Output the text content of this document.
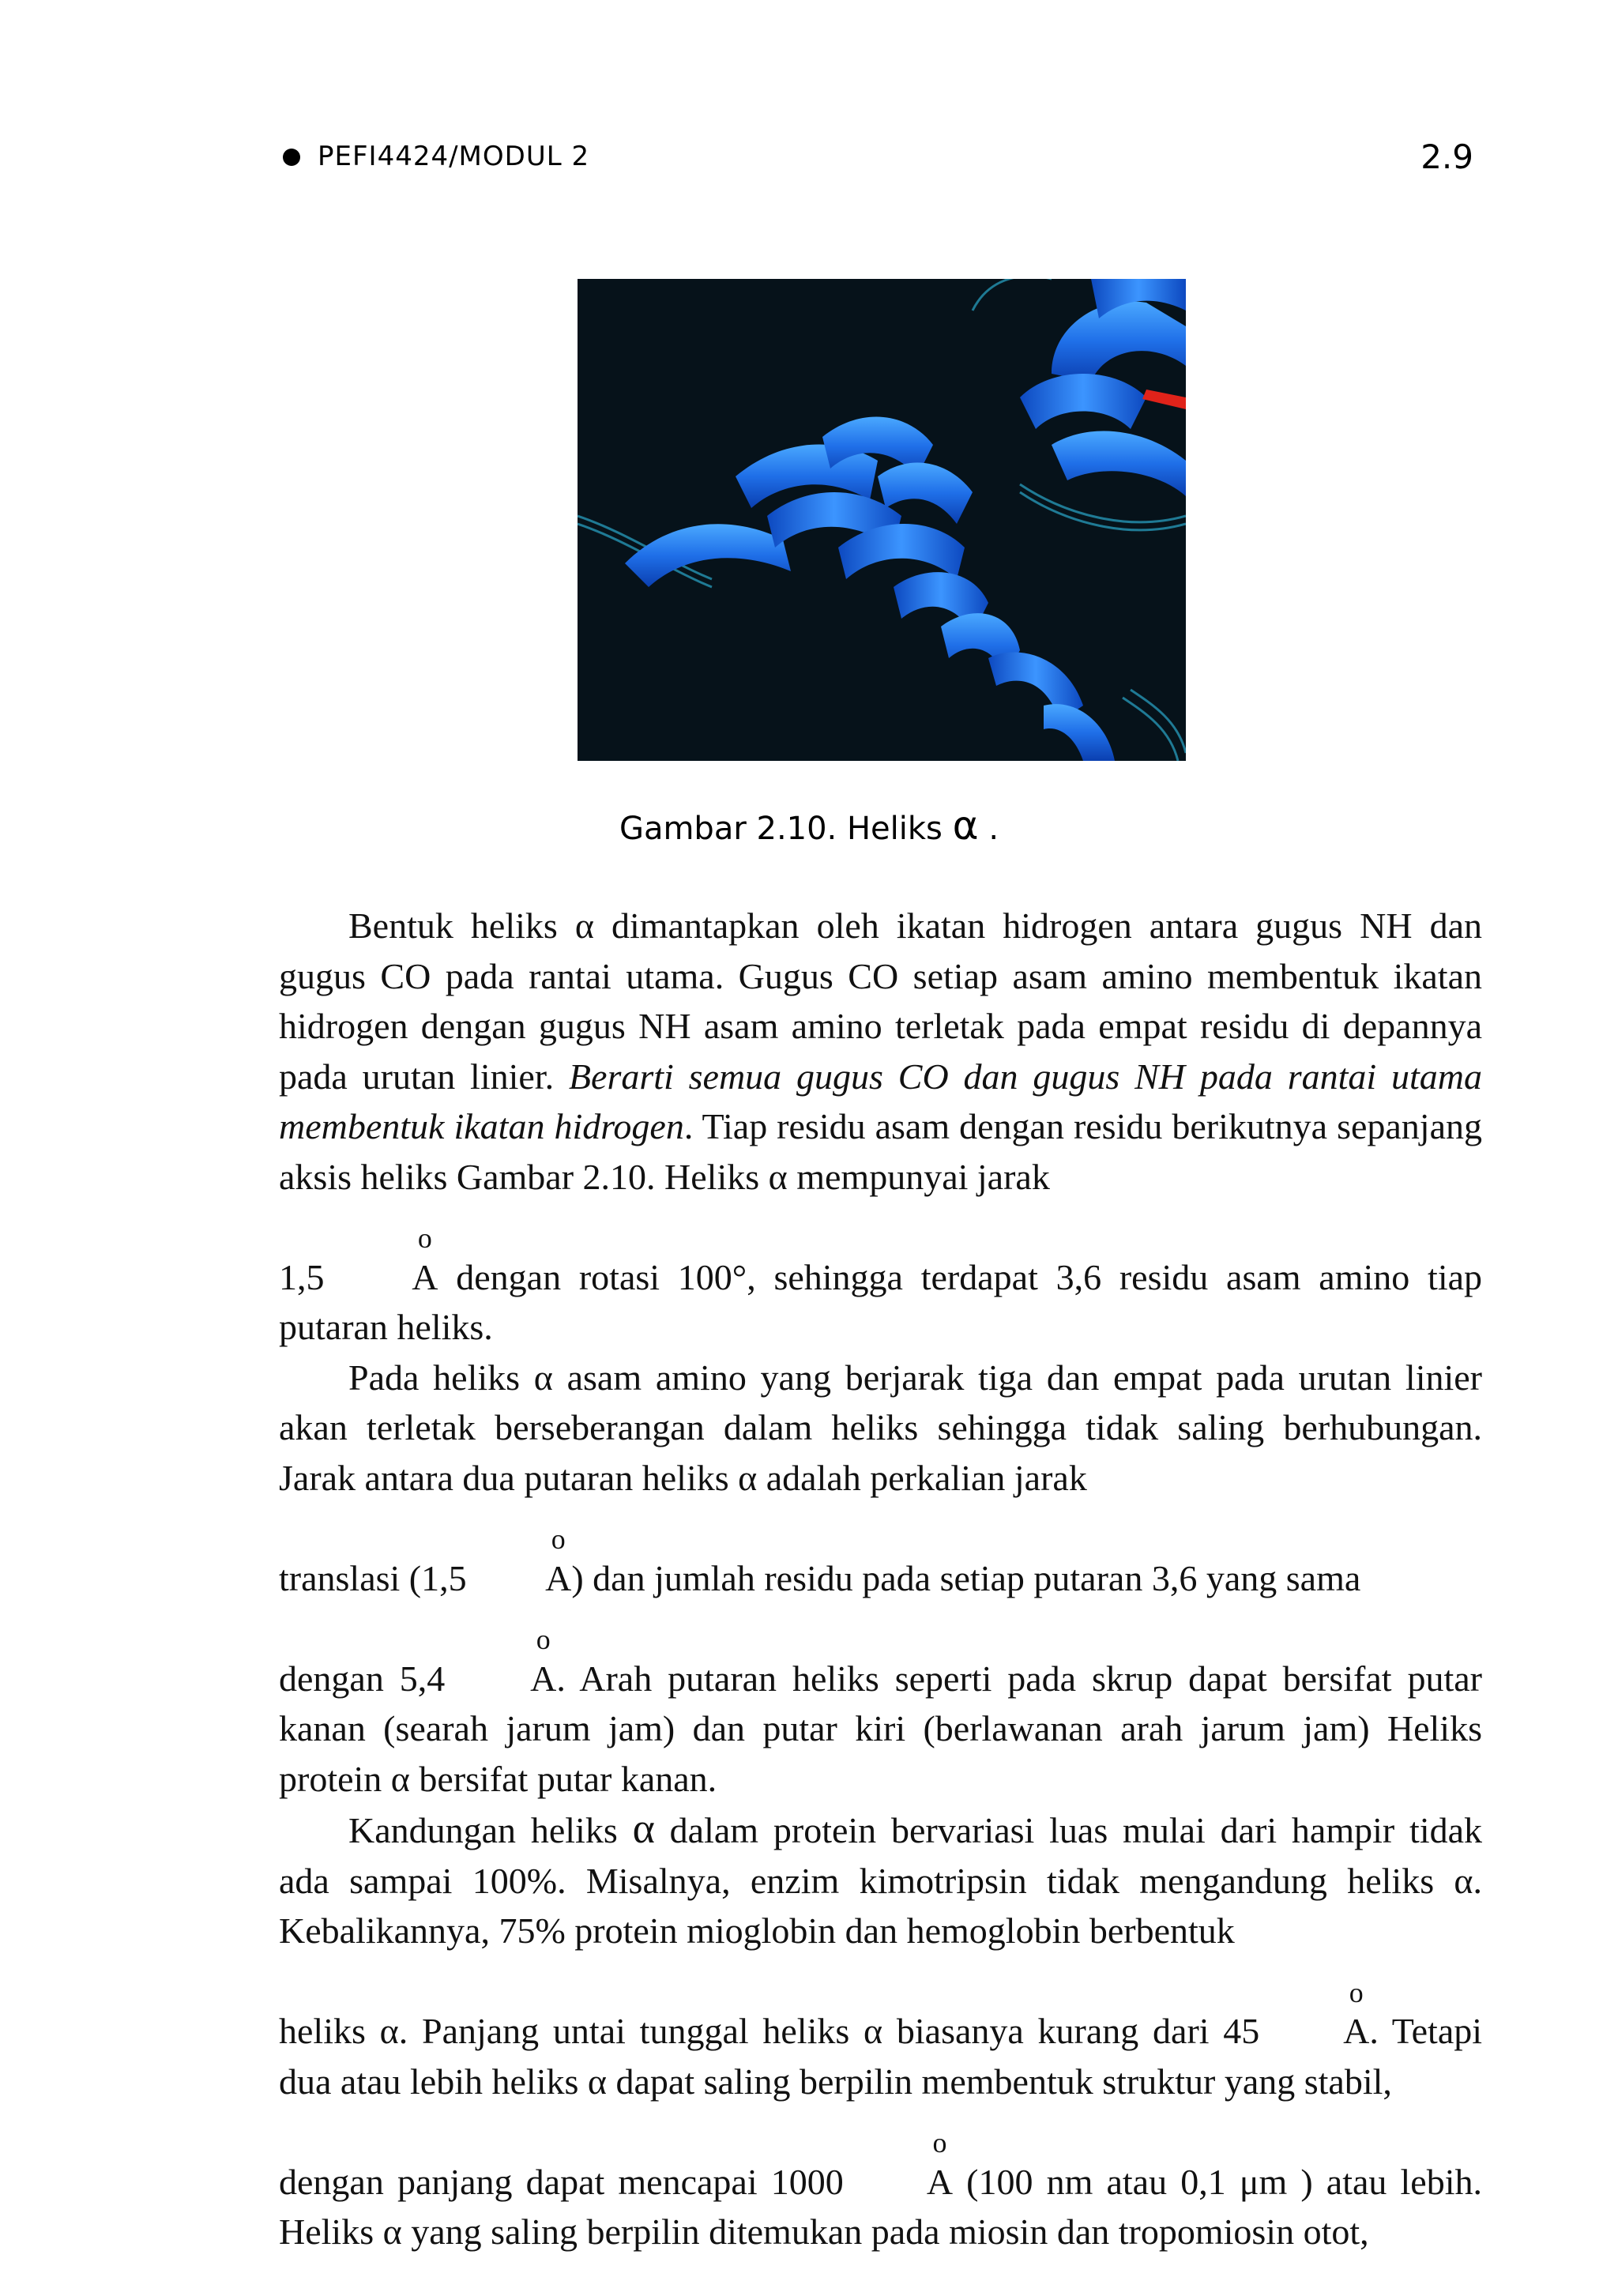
PEFI4424/MODUL 2	2.9
Gambar 2.10. Heliks α .

Bentuk heliks α dimantapkan oleh ikatan hidrogen antara gugus NH dan gugus CO pada rantai utama. Gugus CO setiap asam amino membentuk ikatan hidrogen dengan gugus NH asam amino terletak pada empat residu di depannya pada urutan linier. Berarti semua gugus CO dan gugus NH pada rantai utama membentuk ikatan hidrogen. Tiap residu asam dengan residu berikutnya sepanjang aksis heliks Gambar 2.10. Heliks α mempunyai jarak

1,5 o A dengan rotasi 100°, sehingga terdapat 3,6 residu asam amino tiap putaran heliks.

Pada heliks α asam amino yang berjarak tiga dan empat pada urutan linier akan terletak berseberangan dalam heliks sehingga tidak saling berhubungan. Jarak antara dua putaran heliks α adalah perkalian jarak

translasi (1,5 o A) dan jumlah residu pada setiap putaran 3,6 yang sama

dengan 5,4 o A. Arah putaran heliks seperti pada skrup dapat bersifat putar kanan (searah jarum jam) dan putar kiri (berlawanan arah jarum jam) Heliks protein α bersifat putar kanan.

Kandungan heliks α dalam protein bervariasi luas mulai dari hampir tidak ada sampai 100%. Misalnya, enzim kimotripsin tidak mengandung heliks α. Kebalikannya, 75% protein mioglobin dan hemoglobin berbentuk

heliks α. Panjang untai tunggal heliks α biasanya kurang dari 45 o A. Tetapi dua atau lebih heliks α dapat saling berpilin membentuk struktur yang stabil,

dengan panjang dapat mencapai 1000 o A (100 nm atau 0,1 μm ) atau lebih. Heliks α yang saling berpilin ditemukan pada miosin dan tropomiosin otot,
